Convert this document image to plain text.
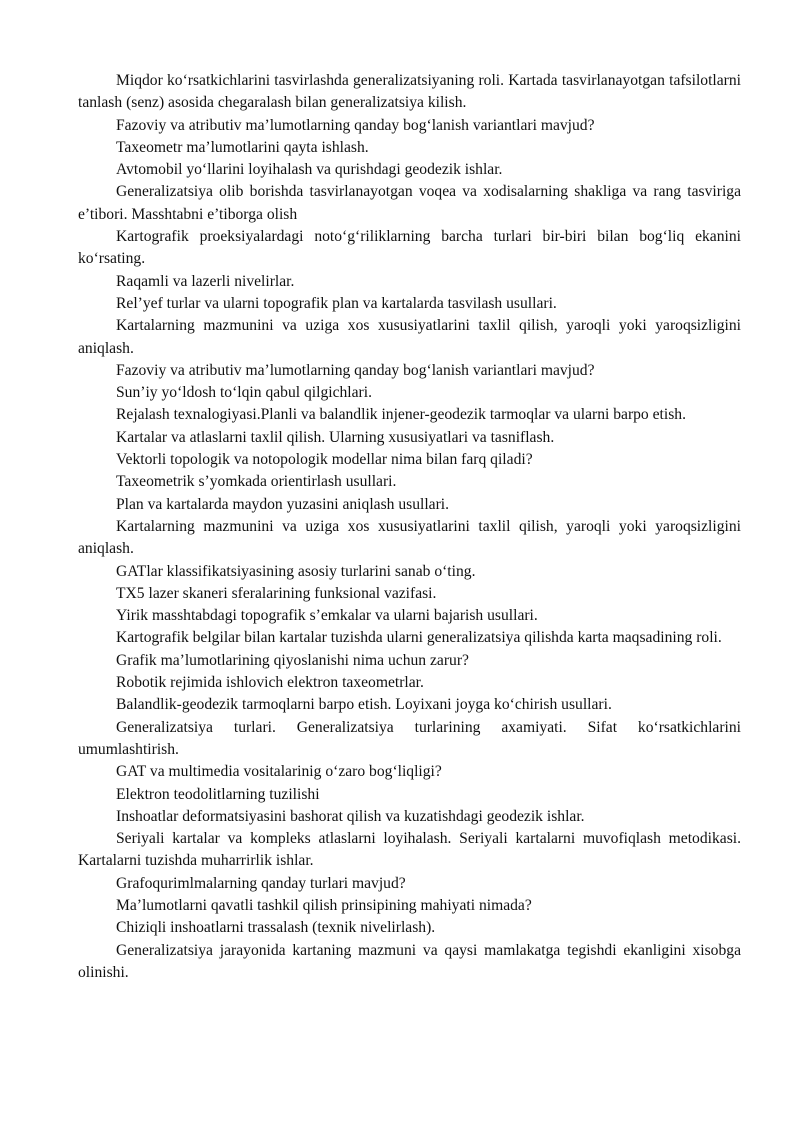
Miqdor ko‘rsatkichlarini tasvirlashda generalizatsiyaning roli. Kartada tasvirlanayotgan tafsilotlarni tanlash (senz) asosida chegaralash bilan generalizatsiya kilish.

Fazoviy va atributiv ma’lumotlarning qanday bog‘lanish variantlari mavjud?

Taxeometr ma’lumotlarini qayta ishlash.

Avtomobil yo‘llarini loyihalash va qurishdagi geodezik ishlar.

Generalizatsiya olib borishda tasvirlanayotgan voqea va xodisalarning shakliga va rang tasviriga e’tibori. Masshtabni e’tiborga olish

Kartografik proeksiyalardagi noto‘g‘riliklarning barcha turlari bir-biri bilan bog‘liq ekanini ko‘rsating.

Raqamli va lazerli nivelirlar.

Rel’yef turlar va ularni topografik plan va kartalarda tasvilash usullari.

Kartalarning mazmunini va uziga xos xususiyatlarini taxlil qilish, yaroqli yoki yaroqsizligini aniqlash.

Fazoviy va atributiv ma’lumotlarning qanday bog‘lanish variantlari mavjud?

Sun’iy yo‘ldosh to‘lqin qabul qilgichlari.

Rejalash texnalogiyasi.Planli va balandlik injener-geodezik tarmoqlar va ularni barpo etish.

Kartalar va atlaslarni taxlil qilish. Ularning xususiyatlari va tasniflash.

Vektorli topologik va notopologik modellar nima bilan farq qiladi?

Taxeometrik s’yomkada orientirlash usullari.

Plan va kartalarda maydon yuzasini aniqlash usullari.

Kartalarning mazmunini va uziga xos xususiyatlarini taxlil qilish, yaroqli yoki yaroqsizligini aniqlash.

GATlar klassifikatsiyasining asosiy turlarini sanab o‘ting.

TX5 lazer skaneri sferalarining funksional vazifasi.

Yirik masshtabdagi topografik s’emkalar va ularni bajarish usullari.

Kartografik belgilar bilan kartalar tuzishda ularni generalizatsiya qilishda karta maqsadining roli.

Grafik ma’lumotlarining qiyoslanishi nima uchun zarur?

Robotik rejimida ishlovich elektron taxeometrlar.

Balandlik-geodezik tarmoqlarni barpo etish. Loyixani joyga ko‘chirish usullari.

Generalizatsiya turlari. Generalizatsiya turlarining axamiyati. Sifat ko‘rsatkichlarini umumlashtirish.

GAT va multimedia vositalarinig o‘zaro bog‘liqligi?

Elektron teodolitlarning tuzilishi

Inshoatlar deformatsiyasini bashorat qilish va kuzatishdagi geodezik ishlar.

Seriyali kartalar va kompleks atlaslarni loyihalash. Seriyali kartalarni muvofiqlash metodikasi. Kartalarni tuzishda muharrirlik ishlar.

Grafoqurimlmalarning qanday turlari mavjud?

Ma’lumotlarni qavatli tashkil qilish prinsipining mahiyati nimada?

Chiziqli inshoatlarni trassalash (texnik nivelirlash).

Generalizatsiya jarayonida kartaning mazmuni va qaysi mamlakatga tegishdi ekanligini xisobga olinishi.
